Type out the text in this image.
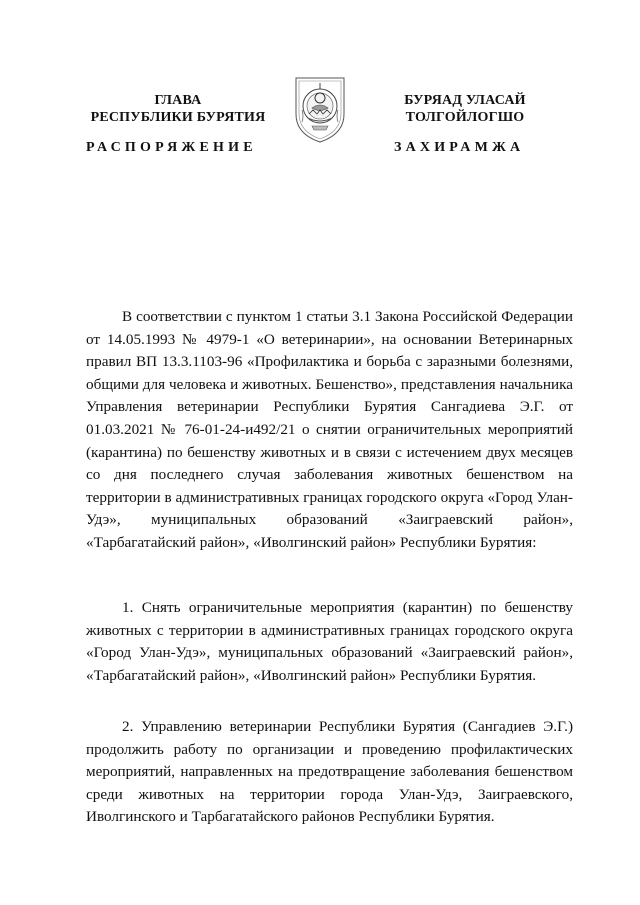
ГЛАВА
РЕСПУБЛИКИ БУРЯТИЯ
РАСПОРЯЖЕНИЕ
БУРЯАД УЛАСАЙ
ТОЛГОЙЛОГШО
ЗАХИРАМЖА

В соответствии с пунктом 1 статьи 3.1 Закона Российской Федерации от 14.05.1993 № 4979-1 «О ветеринарии», на основании Ветеринарных правил ВП 13.3.1103-96 «Профилактика и борьба с заразными болезнями, общими для человека и животных. Бешенство», представления начальника Управления ветеринарии Республики Бурятия Сангадиева Э.Г. от 01.03.2021 № 76-01-24-и492/21 о снятии ограничительных мероприятий (карантина) по бешенству животных и в связи с истечением двух месяцев со дня последнего случая заболевания животных бешенством на территории в административных границах городского округа «Город Улан-Удэ», муниципальных образований «Заиграевский район», «Тарбагатайский район», «Иволгинский район» Республики Бурятия:

1. Снять ограничительные мероприятия (карантин) по бешенству животных с территории в административных границах городского округа «Город Улан-Удэ», муниципальных образований «Заиграевский район», «Тарбагатайский район», «Иволгинский район» Республики Бурятия.

2. Управлению ветеринарии Республики Бурятия (Сангадиев Э.Г.) продолжить работу по организации и проведению профилактических мероприятий, направленных на предотвращение заболевания бешенством среди животных на территории города Улан-Удэ, Заиграевского, Иволгинского и Тарбагатайского районов Республики Бурятия.
